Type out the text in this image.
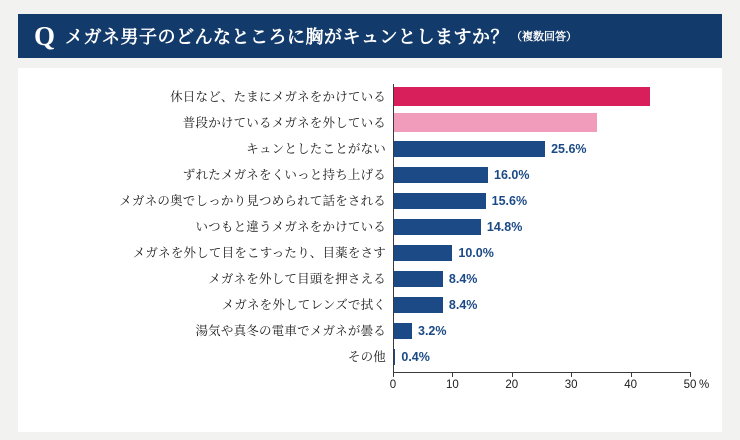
Q メガネ男子のどんなところに胸がキュンとしますか？ （複数回答）
休日など、たまにメガネをかけている	43.2%
普段かけているメガネを外している	34.4%
キュンとしたことがない	25.6%
ずれたメガネをくいっと持ち上げる	16.0%
メガネの奥でしっかり見つめられて話をされる	15.6%
いつもと違うメガネをかけている	14.8%
メガネを外して目をこすったり、目薬をさす	10.0%
メガネを外して目頭を押さえる	8.4%
メガネを外してレンズで拭く	8.4%
湯気や真冬の電車でメガネが曇る	3.2%
その他 0.4%
0	10	20	30	40	50 %
